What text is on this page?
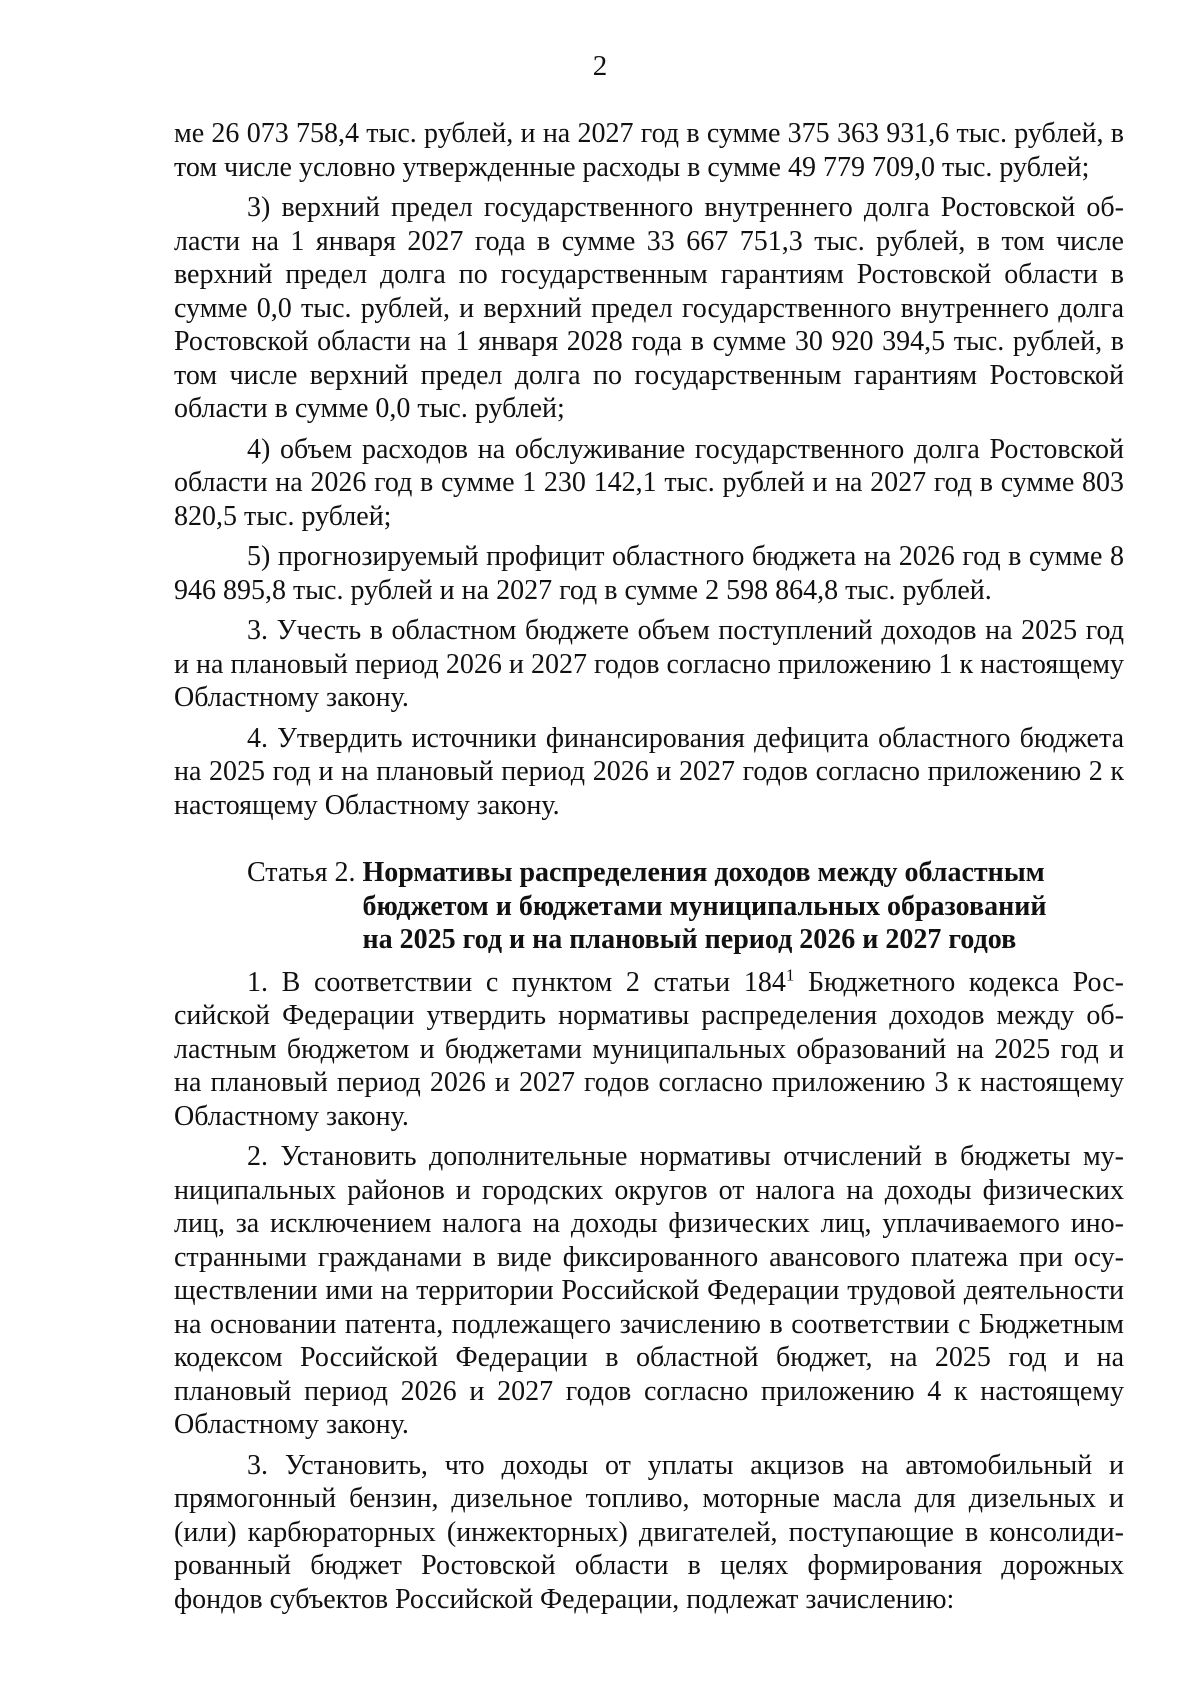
2

ме 26 073 758,4 тыс. рублей, и на 2027 год в сумме 375 363 931,6 тыс. рублей, в том числе условно утвержденные расходы в сумме 49 779 709,0 тыс. рублей;

3) верхний предел государственного внутреннего долга Ростовской области на 1 января 2027 года в сумме 33 667 751,3 тыс. рублей, в том числе верхний предел долга по государственным гарантиям Ростовской области в сумме 0,0 тыс. рублей, и верхний предел государственного внутреннего долга Ростовской области на 1 января 2028 года в сумме 30 920 394,5 тыс. рублей, в том числе верхний предел долга по государственным гарантиям Ростовской области в сумме 0,0 тыс. рублей;

4) объем расходов на обслуживание государственного долга Ростовской области на 2026 год в сумме 1 230 142,1 тыс. рублей и на 2027 год в сумме 803 820,5 тыс. рублей;

5) прогнозируемый профицит областного бюджета на 2026 год в сумме 8 946 895,8 тыс. рублей и на 2027 год в сумме 2 598 864,8 тыс. рублей.

3. Учесть в областном бюджете объем поступлений доходов на 2025 год и на плановый период 2026 и 2027 годов согласно приложению 1 к настоящему Областному закону.

4. Утвердить источники финансирования дефицита областного бюджета на 2025 год и на плановый период 2026 и 2027 годов согласно приложению 2 к настоящему Областному закону.

Статья 2. Нормативы распределения доходов между областным
бюджетом и бюджетами муниципальных образований
на 2025 год и на плановый период 2026 и 2027 годов

1. В соответствии с пунктом 2 статьи $184^1$ Бюджетного кодекса Российской Федерации утвердить нормативы распределения доходов между областным бюджетом и бюджетами муниципальных образований на 2025 год и на плановый период 2026 и 2027 годов согласно приложению 3 к настоящему Областному закону.

2. Установить дополнительные нормативы отчислений в бюджеты муниципальных районов и городских округов от налога на доходы физических лиц, за исключением налога на доходы физических лиц, уплачиваемого иностранными гражданами в виде фиксированного авансового платежа при осуществлении ими на территории Российской Федерации трудовой деятельности на основании патента, подлежащего зачислению в соответствии с Бюджетным кодексом Российской Федерации в областной бюджет, на 2025 год и на плановый период 2026 и 2027 годов согласно приложению 4 к настоящему Областному закону.

3. Установить, что доходы от уплаты акцизов на автомобильный и прямогонный бензин, дизельное топливо, моторные масла для дизельных и (или) карбюраторных (инжекторных) двигателей, поступающие в консолидированный бюджет Ростовской области в целях формирования дорожных фондов субъектов Российской Федерации, подлежат зачислению:
